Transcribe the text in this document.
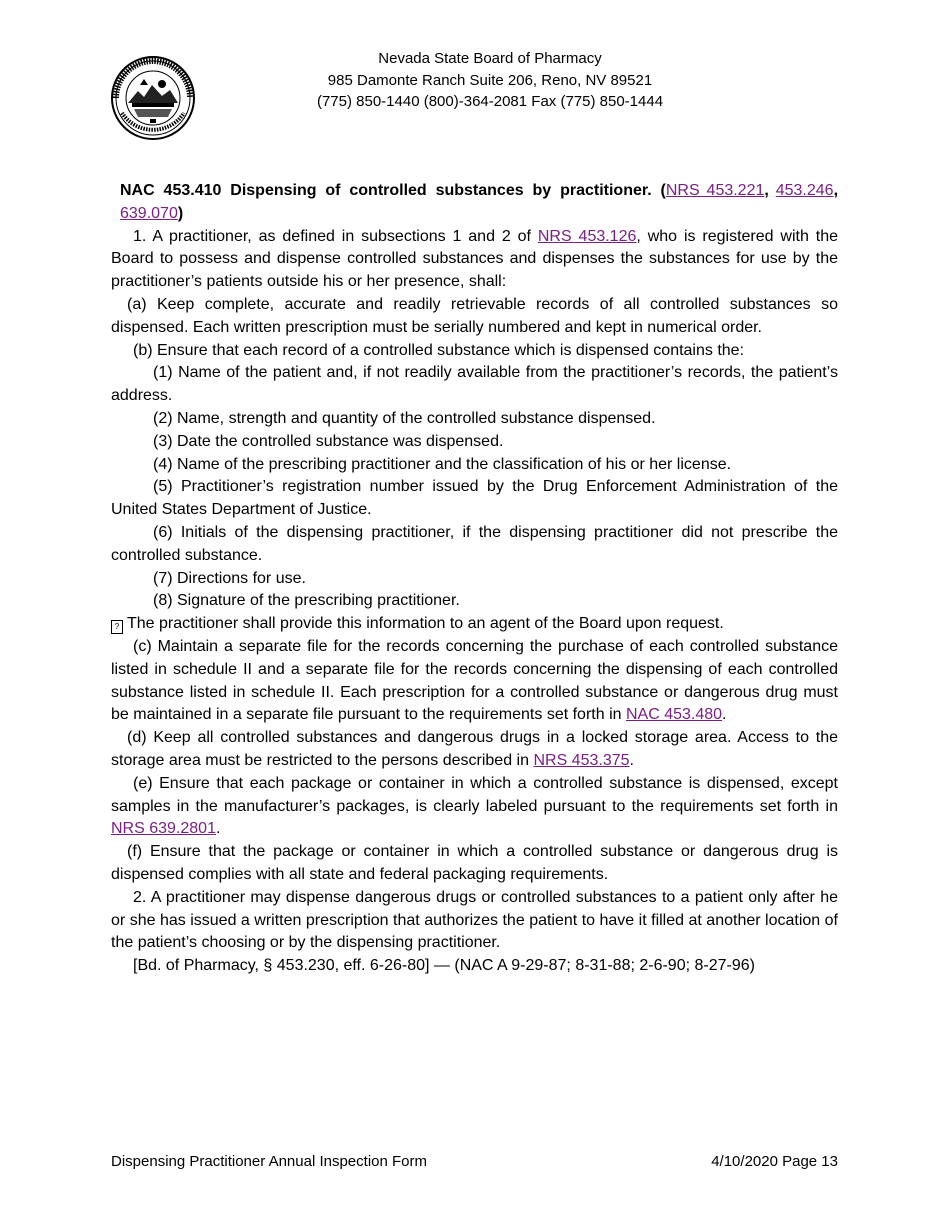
Nevada State Board of Pharmacy
985 Damonte Ranch Suite 206, Reno, NV 89521
(775) 850-1440 (800)-364-2081 Fax (775) 850-1444

NAC 453.410 Dispensing of controlled substances by practitioner. (NRS 453.221, 453.246, 639.070)

1. A practitioner, as defined in subsections 1 and 2 of NRS 453.126, who is registered with the Board to possess and dispense controlled substances and dispenses the substances for use by the practitioner’s patients outside his or her presence, shall:

(a) Keep complete, accurate and readily retrievable records of all controlled substances so dispensed. Each written prescription must be serially numbered and kept in numerical order.

(b) Ensure that each record of a controlled substance which is dispensed contains the:

(1) Name of the patient and, if not readily available from the practitioner’s records, the patient’s address.

(2) Name, strength and quantity of the controlled substance dispensed.

(3) Date the controlled substance was dispensed.

(4) Name of the prescribing practitioner and the classification of his or her license.

(5) Practitioner’s registration number issued by the Drug Enforcement Administration of the United States Department of Justice.

(6) Initials of the dispensing practitioner, if the dispensing practitioner did not prescribe the controlled substance.

(7) Directions for use.

(8) Signature of the prescribing practitioner.

? The practitioner shall provide this information to an agent of the Board upon request.

(c) Maintain a separate file for the records concerning the purchase of each controlled substance listed in schedule II and a separate file for the records concerning the dispensing of each controlled substance listed in schedule II. Each prescription for a controlled substance or dangerous drug must be maintained in a separate file pursuant to the requirements set forth in NAC 453.480.

(d) Keep all controlled substances and dangerous drugs in a locked storage area. Access to the storage area must be restricted to the persons described in NRS 453.375.

(e) Ensure that each package or container in which a controlled substance is dispensed, except samples in the manufacturer’s packages, is clearly labeled pursuant to the requirements set forth in NRS 639.2801.

(f) Ensure that the package or container in which a controlled substance or dangerous drug is dispensed complies with all state and federal packaging requirements.

2. A practitioner may dispense dangerous drugs or controlled substances to a patient only after he or she has issued a written prescription that authorizes the patient to have it filled at another location of the patient’s choosing or by the dispensing practitioner.

[Bd. of Pharmacy, § 453.230, eff. 6-26-80] — (NAC A 9-29-87; 8-31-88; 2-6-90; 8-27-96)

Dispensing Practitioner Annual Inspection Form	4/10/2020 Page 13
